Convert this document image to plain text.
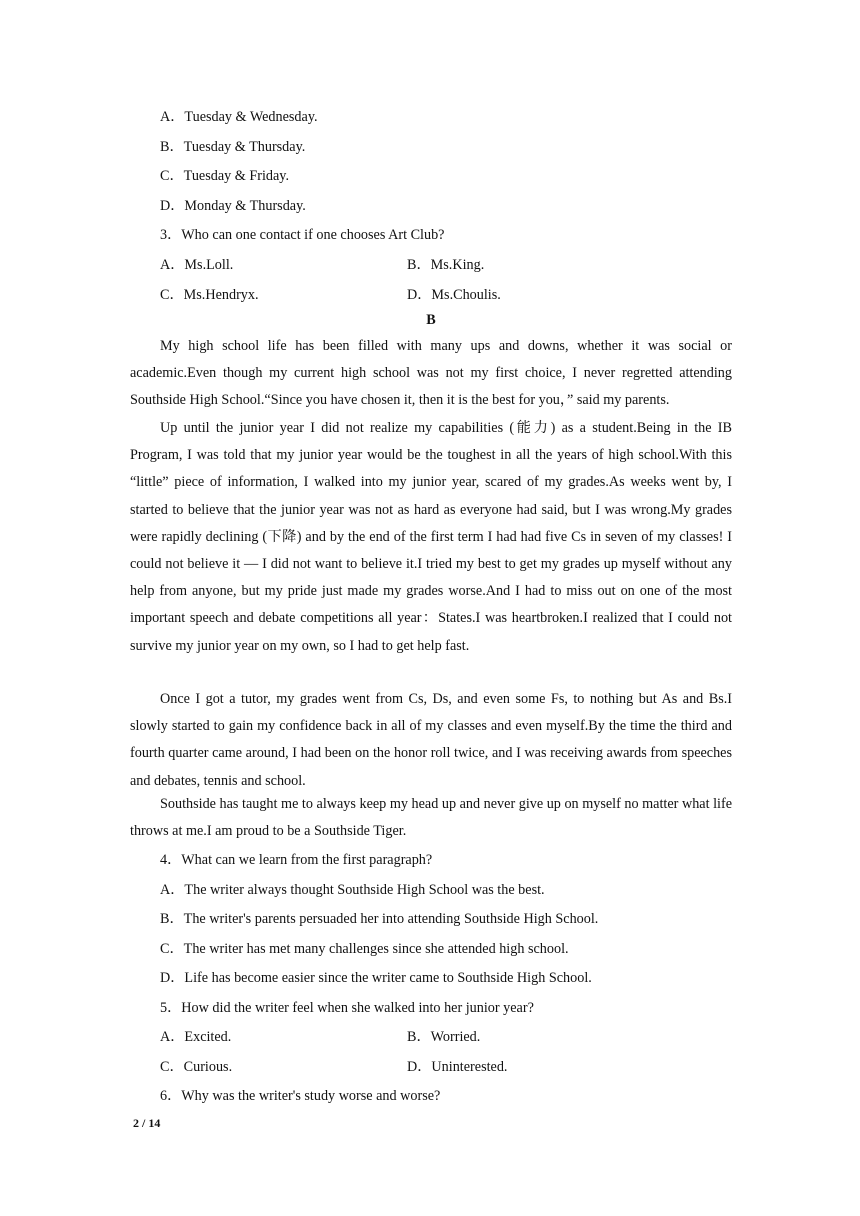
A．Tuesday & Wednesday.
B．Tuesday & Thursday.
C．Tuesday & Friday.
D．Monday & Thursday.
3．Who can one contact if one chooses Art Club?
A．Ms.Loll.	B．Ms.King.
C．Ms.Hendryx.	D．Ms.Choulis.
B
My high school life has been filled with many ups and downs, whether it was social or academic.Even though my current high school was not my first choice, I never regretted attending Southside High School.“Since you have chosen it, then it is the best for you，” said my parents.
Up until the junior year I did not realize my capabilities (能力) as a student.Being in the IB Program, I was told that my junior year would be the toughest in all the years of high school.With this “little” piece of information, I walked into my junior year, scared of my grades.As weeks went by, I started to believe that the junior year was not as hard as everyone had said, but I was wrong.My grades were rapidly declining (下降) and by the end of the first term I had had five Cs in seven of my classes! I could not believe it — I did not want to believe it.I tried my best to get my grades up myself without any help from anyone, but my pride just made my grades worse.And I had to miss out on one of the most important speech and debate competitions all year：States.I was heartbroken.I realized that I could not survive my junior year on my own, so I had to get help fast.
Once I got a tutor, my grades went from Cs, Ds, and even some Fs, to nothing but As and Bs.I slowly started to gain my confidence back in all of my classes and even myself.By the time the third and fourth quarter came around, I had been on the honor roll twice, and I was receiving awards from speeches and debates, tennis and school.
Southside has taught me to always keep my head up and never give up on myself no matter what life throws at me.I am proud to be a Southside Tiger.
4．What can we learn from the first paragraph?
A．The writer always thought Southside High School was the best.
B．The writer's parents persuaded her into attending Southside High School.
C．The writer has met many challenges since she attended high school.
D．Life has become easier since the writer came to Southside High School.
5．How did the writer feel when she walked into her junior year?
A．Excited.	B．Worried.
C．Curious.	D．Uninterested.
6．Why was the writer's study worse and worse?
2 / 14
